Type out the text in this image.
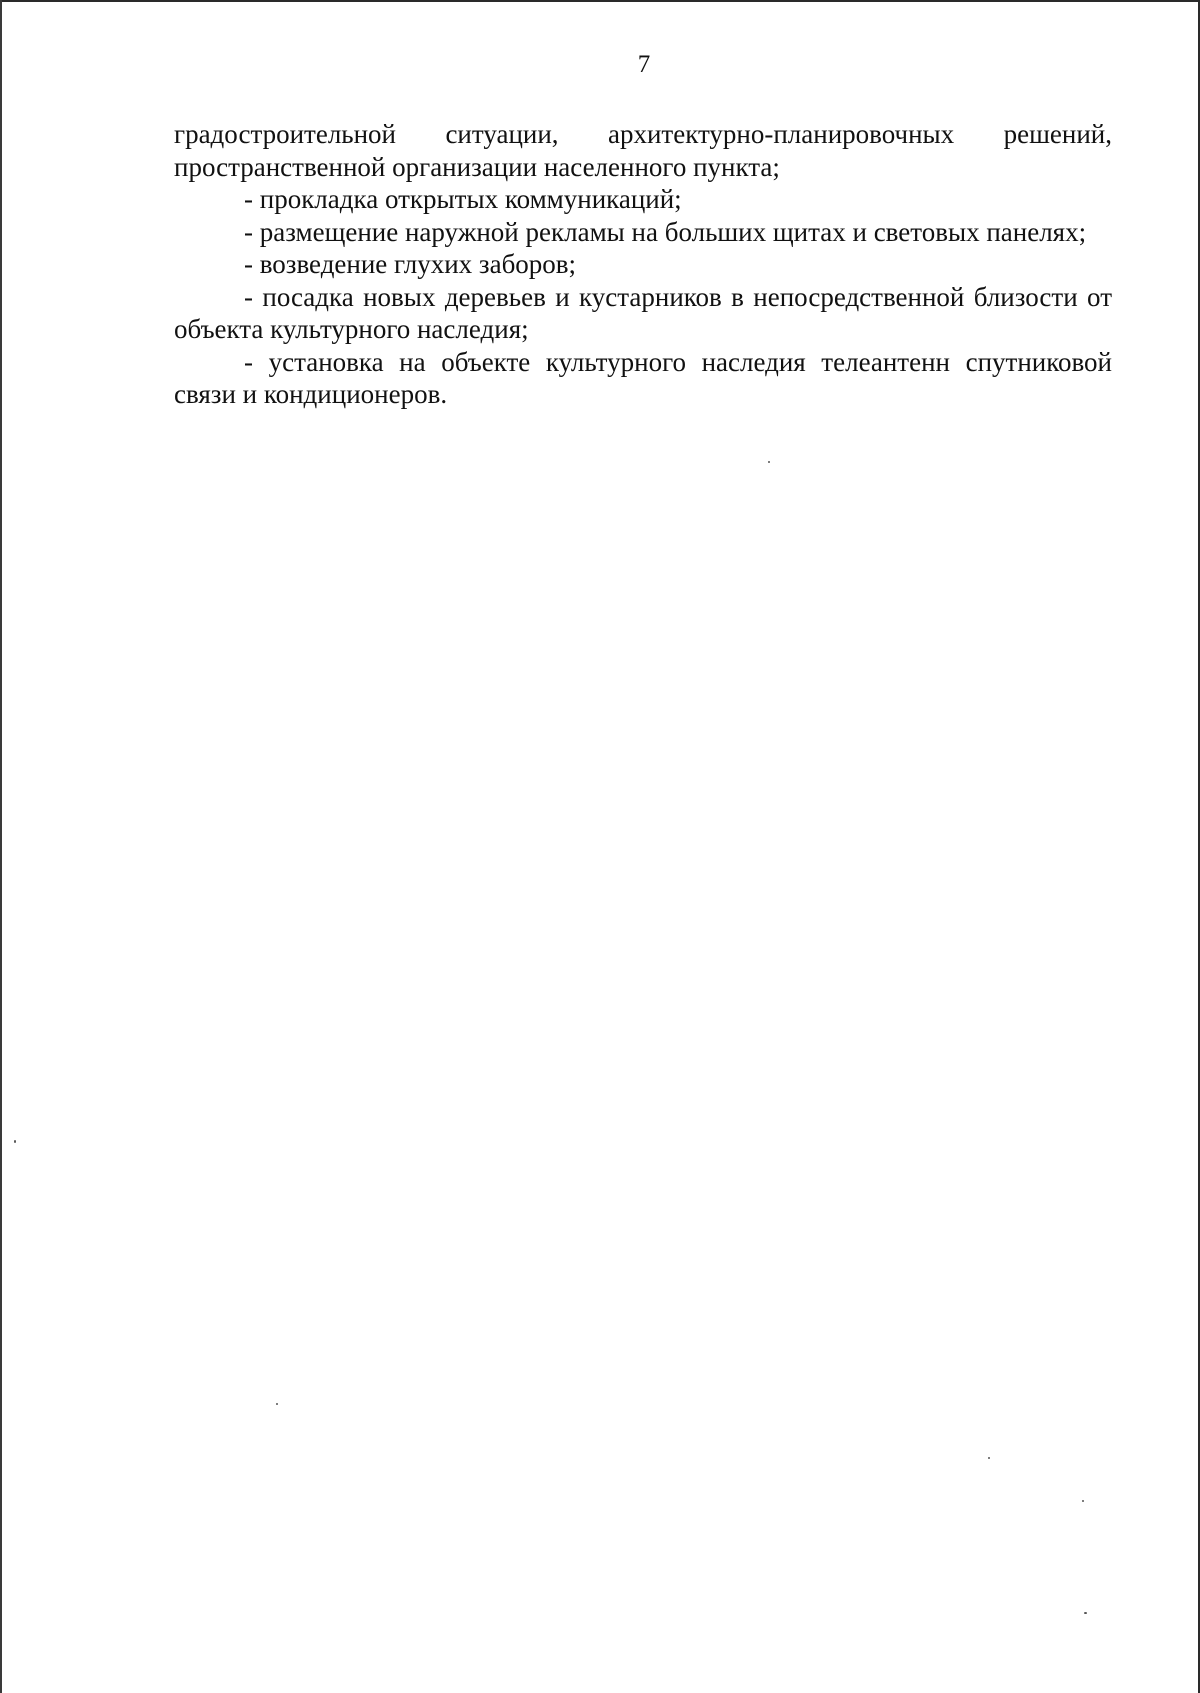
7

градостроительной ситуации, архитектурно-планировочных решений, пространственной организации населенного пункта;

- прокладка открытых коммуникаций;

- размещение наружной рекламы на больших щитах и световых панелях;

- возведение глухих заборов;

- посадка новых деревьев и кустарников в непосредственной близости от объекта культурного наследия;

- установка на объекте культурного наследия телеантенн спутниковой связи и кондиционеров.
